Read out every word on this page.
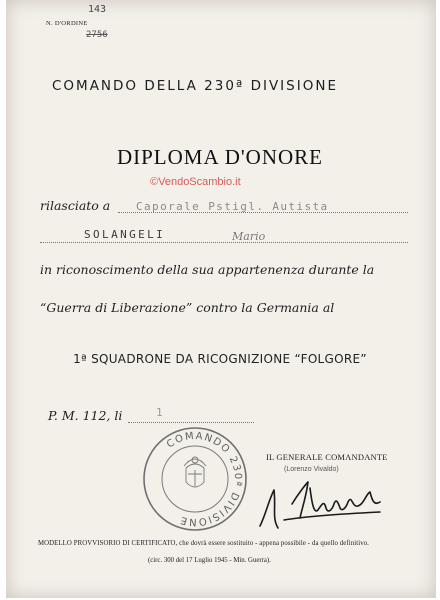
143
N. D'ORDINE
2756
COMANDO DELLA 230ª DIVISIONE
DIPLOMA D'ONORE
©VendoScambio.it
rilasciato a Caporale Pstigl. Autista
SOLANGELI	Mario
in riconoscimento della sua appartenenza durante la
“Guerra di Liberazione” contro la Germania al
1ª SQUADRONE DA RICOGNIZIONE “FOLGORE”
P. M. 112, li	1
COMANDO 230ª DIVISIONE
IL GENERALE COMANDANTE
(Lorenzo Vivaldo)
MODELLO PROVVISORIO DI CERTIFICATO, che dovrà essere sostituito - appena possibile - da quello definitivo.
(circ. 300 del 17 Luglio 1945 - Min. Guerra).
